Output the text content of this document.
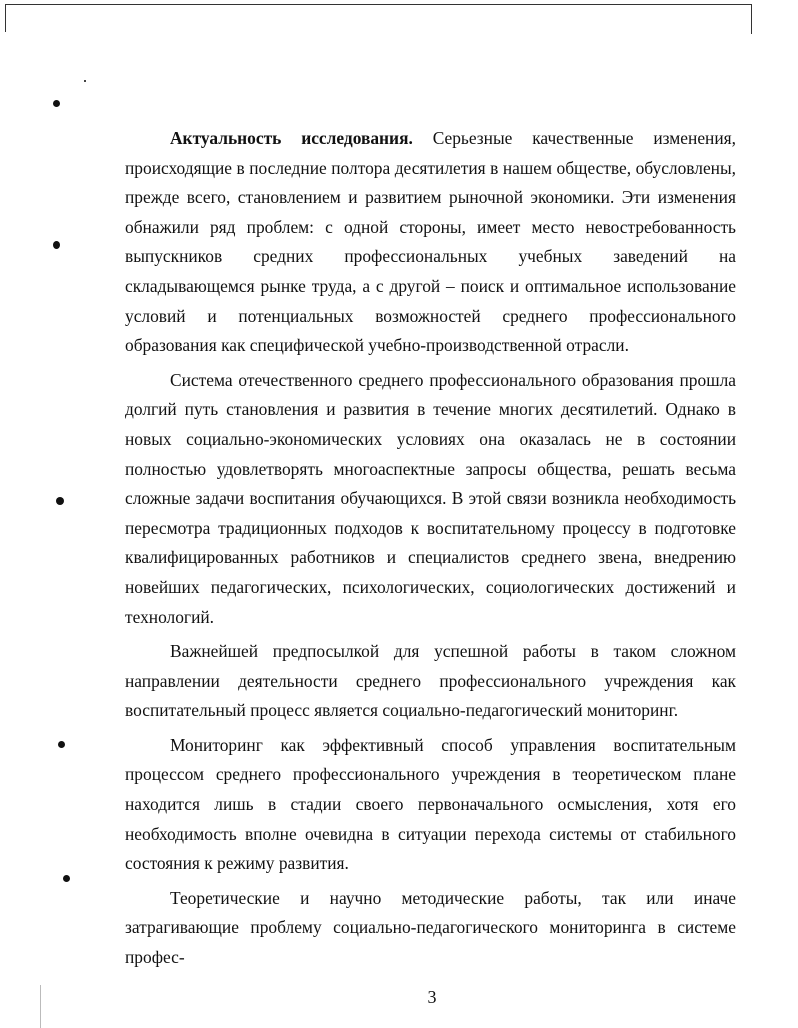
Актуальность исследования. Серьезные качественные изменения, происходящие в последние полтора десятилетия в нашем обществе, обусловлены, прежде всего, становлением и развитием рыночной экономики. Эти изменения обнажили ряд проблем: с одной стороны, имеет место невостребованность выпускников средних профессиональных учебных заведений на складывающемся рынке труда, а с другой – поиск и оптимальное использование условий и потенциальных возможностей среднего профессионального образования как специфической учебно-производственной отрасли.

Система отечественного среднего профессионального образования прошла долгий путь становления и развития в течение многих десятилетий. Однако в новых социально-экономических условиях она оказалась не в состоянии полностью удовлетворять многоаспектные запросы общества, решать весьма сложные задачи воспитания обучающихся. В этой связи возникла необходимость пересмотра традиционных подходов к воспитательному процессу в подготовке квалифицированных работников и специалистов среднего звена, внедрению новейших педагогических, психологических, социологических достижений и технологий.

Важнейшей предпосылкой для успешной работы в таком сложном направлении деятельности среднего профессионального учреждения как воспитательный процесс является социально-педагогический мониторинг.

Мониторинг как эффективный способ управления воспитательным процессом среднего профессионального учреждения в теоретическом плане находится лишь в стадии своего первоначального осмысления, хотя его необходимость вполне очевидна в ситуации перехода системы от стабильного состояния к режиму развития.

Теоретические и научно методические работы, так или иначе затрагивающие проблему социально-педагогического мониторинга в системе профес-

3
